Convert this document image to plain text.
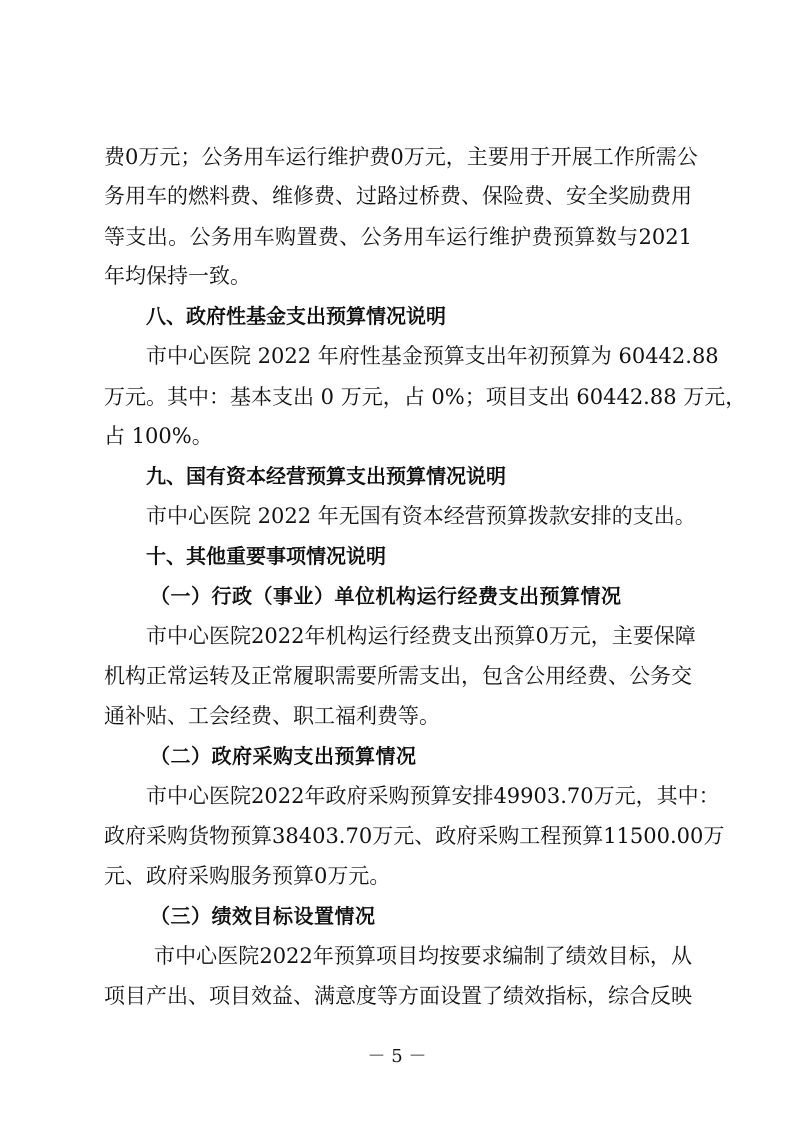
费0万元；公务用车运行维护费0万元，主要用于开展工作所需公
务用车的燃料费、维修费、过路过桥费、保险费、安全奖励费用
等支出。公务用车购置费、公务用车运行维护费预算数与2021
年均保持一致。
八、政府性基金支出预算情况说明
市中心医院 2022 年府性基金预算支出年初预算为 60442.88
万元。其中：基本支出 0 万元，占 0%；项目支出 60442.88 万元，
占 100%。
九、国有资本经营预算支出预算情况说明
市中心医院 2022 年无国有资本经营预算拨款安排的支出。
十、其他重要事项情况说明
（一）行政（事业）单位机构运行经费支出预算情况
市中心医院2022年机构运行经费支出预算0万元，主要保障
机构正常运转及正常履职需要所需支出，包含公用经费、公务交
通补贴、工会经费、职工福利费等。
（二）政府采购支出预算情况
市中心医院2022年政府采购预算安排49903.70万元，其中：
政府采购货物预算38403.70万元、政府采购工程预算11500.00万
元、政府采购服务预算0万元。
（三）绩效目标设置情况
市中心医院2022年预算项目均按要求编制了绩效目标，从
项目产出、项目效益、满意度等方面设置了绩效指标，综合反映
－ 5 －
